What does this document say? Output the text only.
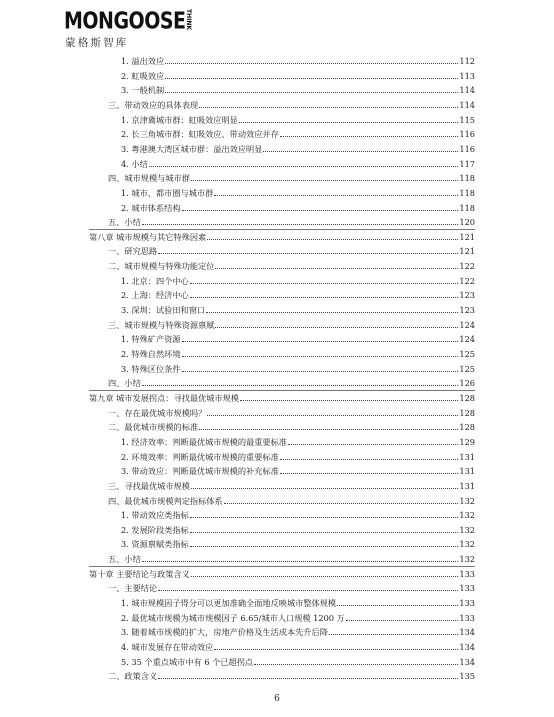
MONGOOSE THINK
蒙格斯智库
1. 溢出效应	112
2. 虹吸效应	113
3. 一般机制	114
三、带动效应的具体表现	114
1. 京津冀城市群：虹吸效应明显	115
2. 长三角城市群：虹吸效应、带动效应并存	116
3. 粤港澳大湾区城市群：溢出效应明显	116
4. 小结	117
四、城市规模与城市群	118
1. 城市、都市圈与城市群	118
2. 城市体系结构	118
五、小结	120
第八章 城市规模与其它特殊因素	121
一、研究思路	121
二、城市规模与特殊功能定位	122
1. 北京：四个中心	122
2. 上海：经济中心	123
3. 深圳：试验田和窗口	123
三、城市规模与特殊资源禀赋	124
1. 特殊矿产资源	124
2. 特殊自然环境	125
3. 特殊区位条件	125
四、小结	126
第九章 城市发展拐点：寻找最优城市规模	128
一、存在最优城市规模吗？	128
二、最优城市规模的标准	128
1. 经济效率：判断最优城市规模的最重要标准	129
2. 环境效率：判断最优城市规模的重要标准	131
3. 带动效应：判断最优城市规模的补充标准	131
三、寻找最优城市规模	131
四、最优城市规模判定指标体系	132
1. 带动效应类指标	132
2. 发展阶段类指标	132
3. 资源禀赋类指标	132
五、小结	132
第十章 主要结论与政策含义	133
一、主要结论	133
1. 城市规模因子得分可以更加准确全面地反映城市整体规模	133
2. 最优城市规模为城市规模因子 6.65/城市人口规模 1200 万	133
3. 随着城市规模的扩大，房地产价格及生活成本先升后降	134
4. 城市发展存在带动效应	134
5. 35 个重点城市中有 6 个已超拐点	134
二、政策含义	135
6
